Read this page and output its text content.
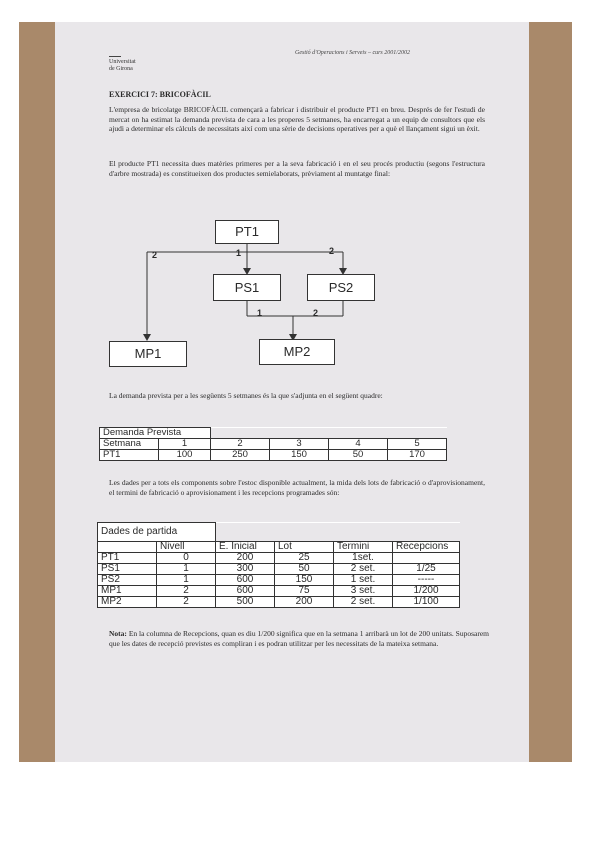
Universitat
de Girona
Gestió d'Operacions i Serveis – curs 2001/2002
EXERCICI 7: BRICOFÀCIL
L'empresa de bricolatge BRICOFÀCIL començarà a fabricar i distribuir el producte PT1 en breu. Després de fer l'estudi de mercat on ha estimat la demanda prevista de cara a les properes 5 setmanes, ha encarregat a un equip de consultors que els ajudi a determinar els càlculs de necessitats així com una sèrie de decisions operatives per a què el llançament sigui un èxit.
El producte PT1 necessita dues matèries primeres per a la seva fabricació i en el seu procés productiu (segons l'estructura d'arbre mostrada) es constitueixen dos productes semielaborats, prèviament al muntatge final:
PT1
PS1	PS2
MP1	MP2
2	1	2
1	2
La demanda prevista per a les següents 5 setmanes és la que s'adjunta en el següent quadre:
Demanda Prevista					
Setmana	1	2	3	4	5
PT1	100	250	150	50	170
Les dades per a tots els components sobre l'estoc disponible actualment, la mida dels lots de fabricació o d'aprovisionament, el termini de fabricació o aprovisionament i les recepcions programades són:
Dades de partida					
	Nivell	E. Inicial	Lot	Termini	Recepcions
PT1	0	200	25	1set.	
PS1	1	300	50	2 set.	1/25
PS2	1	600	150	1 set.	-----
MP1	2	600	75	3 set.	1/200
MP2	2	500	200	2 set.	1/100
Nota: En la columna de Recepcions, quan es diu 1/200 significa que en la setmana 1 arribarà un lot de 200 unitats. Suposarem que les dates de recepció previstes es compliran i es podran utilitzar per les necessitats de la mateixa setmana.
